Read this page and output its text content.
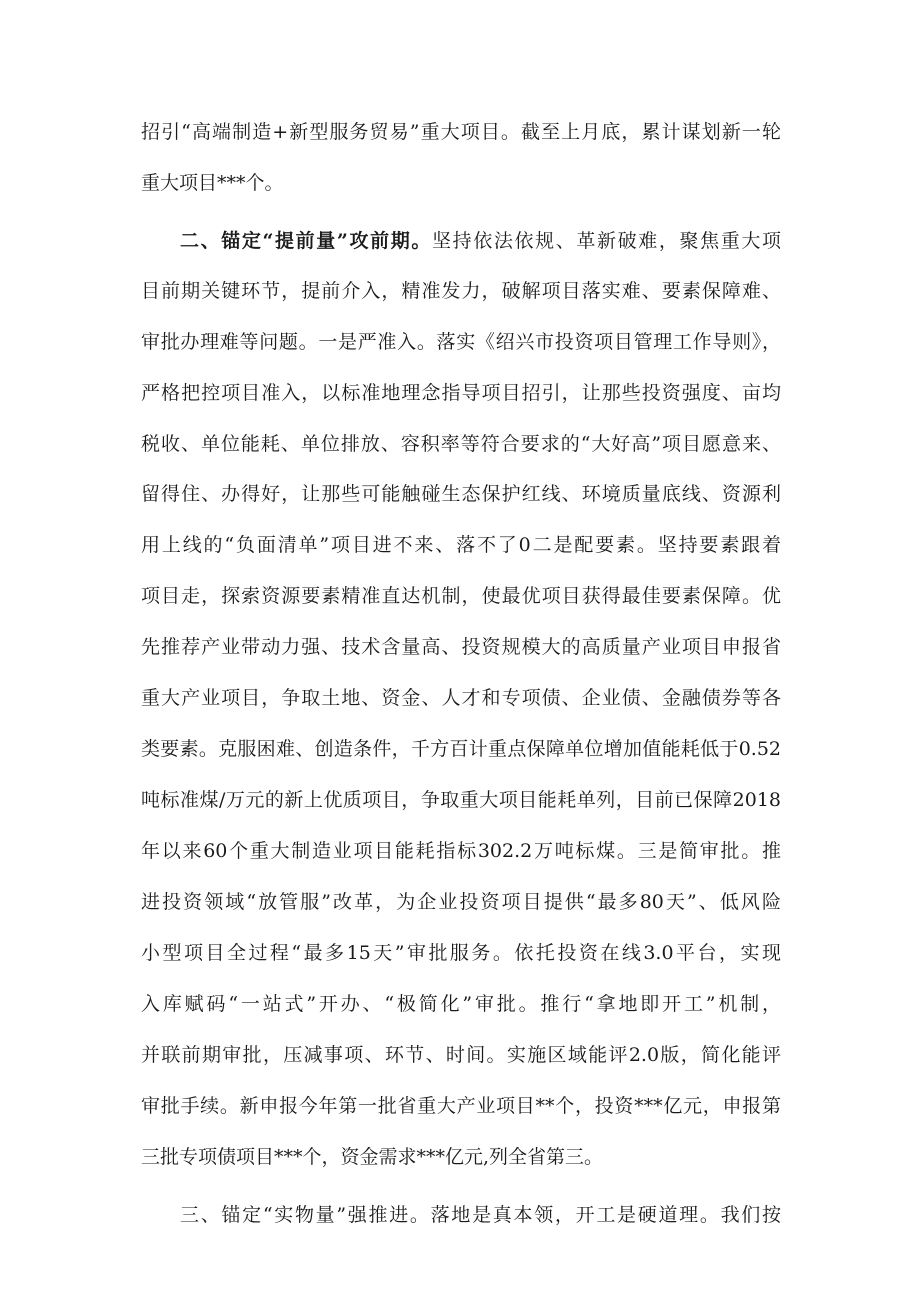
招引“高端制造+新型服务贸易”重大项目。截至上月底，累计谋划新一轮
重大项目***个。
二、锚定“提前量”攻前期。坚持依法依规、革新破难，聚焦重大项
目前期关键环节，提前介入，精准发力，破解项目落实难、要素保障难、
审批办理难等问题。一是严准入。落实《绍兴市投资项目管理工作导则》，
严格把控项目准入，以标准地理念指导项目招引，让那些投资强度、亩均
税收、单位能耗、单位排放、容积率等符合要求的“大好高”项目愿意来、
留得住、办得好，让那些可能触碰生态保护红线、环境质量底线、资源利
用上线的“负面清单”项目进不来、落不了0二是配要素。坚持要素跟着
项目走，探索资源要素精准直达机制，使最优项目获得最佳要素保障。优
先推荐产业带动力强、技术含量高、投资规模大的高质量产业项目申报省
重大产业项目，争取土地、资金、人才和专项债、企业债、金融债券等各
类要素。克服困难、创造条件，千方百计重点保障单位增加值能耗低于0.52
吨标准煤/万元的新上优质项目，争取重大项目能耗单列，目前已保障2018
年以来60个重大制造业项目能耗指标302.2万吨标煤。三是简审批。推
进投资领域“放管服”改革，为企业投资项目提供“最多80天”、低风险
小型项目全过程“最多15天”审批服务。依托投资在线3.0平台，实现
入库赋码“一站式”开办、“极简化”审批。推行“拿地即开工”机制，
并联前期审批，压减事项、环节、时间。实施区域能评2.0版，简化能评
审批手续。新申报今年第一批省重大产业项目**个，投资***亿元，申报第
三批专项债项目***个，资金需求***亿元,列全省第三。
三、锚定“实物量”强推进。落地是真本领，开工是硬道理。我们按
